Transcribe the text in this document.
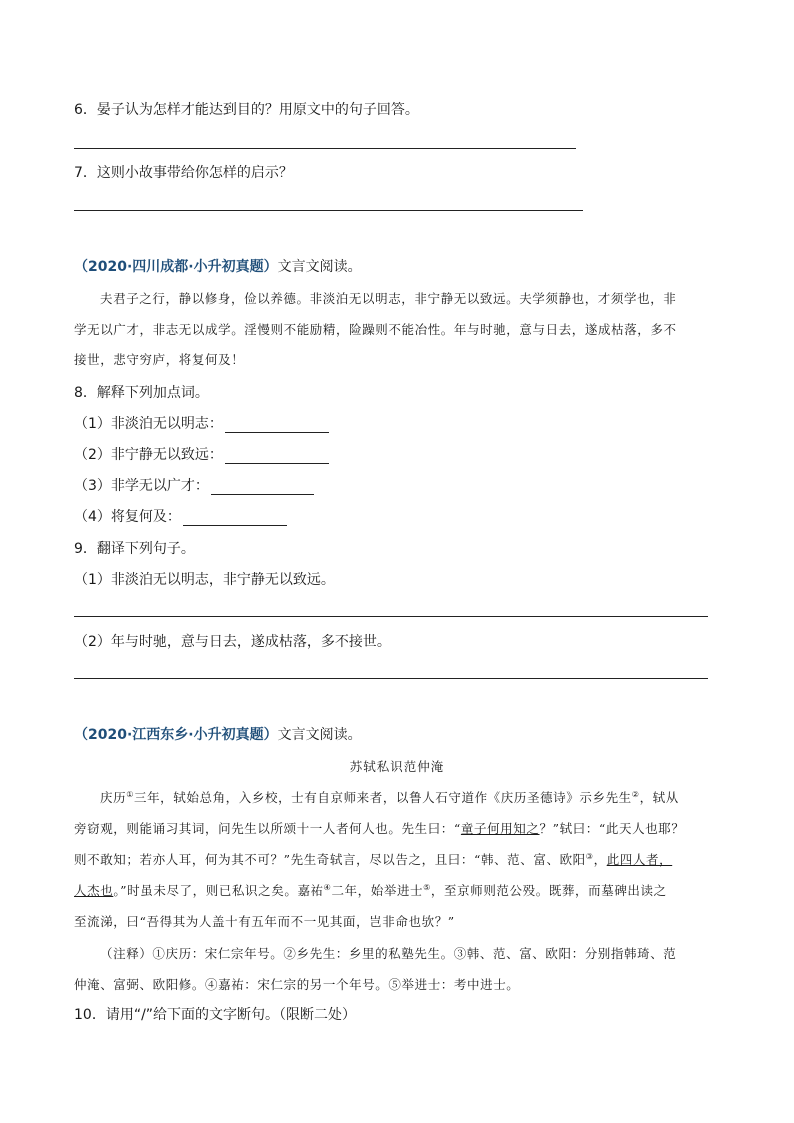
6．晏子认为怎样才能达到目的？用原文中的句子回答。
7．这则小故事带给你怎样的启示？
（2020·四川成都·小升初真题）文言文阅读。
夫君子之行，静以修身，俭以养德。非淡泊无以明志，非宁静无以致远。夫学须静也，才须学也，非
学无以广才，非志无以成学。淫慢则不能励精，险躁则不能冶性。年与时驰，意与日去，遂成枯落，多不
接世，悲守穷庐，将复何及！
8．解释下列加点词。
（1）非淡泊无以明志：
（2）非宁静无以致远：
（3）非学无以广才：
（4）将复何及：
9．翻译下列句子。
（1）非淡泊无以明志，非宁静无以致远。
（2）年与时驰，意与日去，遂成枯落，多不接世。
（2020·江西东乡·小升初真题）文言文阅读。
苏轼私识范仲淹
庆历①三年，轼始总角，入乡校，士有自京师来者，以鲁人石守道作《庆历圣德诗》示乡先生②，轼从
旁窃观，则能诵习其词，问先生以所颂十一人者何人也。先生曰：“童子何用知之？”轼曰：“此天人也耶？
则不敢知；若亦人耳，何为其不可？”先生奇轼言，尽以告之，且曰：“韩、范、富、欧阳③，此四人者，
人杰也。”时虽未尽了，则已私识之矣。嘉祐④二年，始举进士⑤，至京师则范公殁。既葬，而墓碑出读之
至流涕，曰“吾得其为人盖十有五年而不一见其面，岂非命也欤？”
（注释）①庆历：宋仁宗年号。②乡先生：乡里的私塾先生。③韩、范、富、欧阳：分别指韩琦、范
仲淹、富弼、欧阳修。④嘉祐：宋仁宗的另一个年号。⑤举进士：考中进士。
10．请用“/”给下面的文字断句。（限断二处）
